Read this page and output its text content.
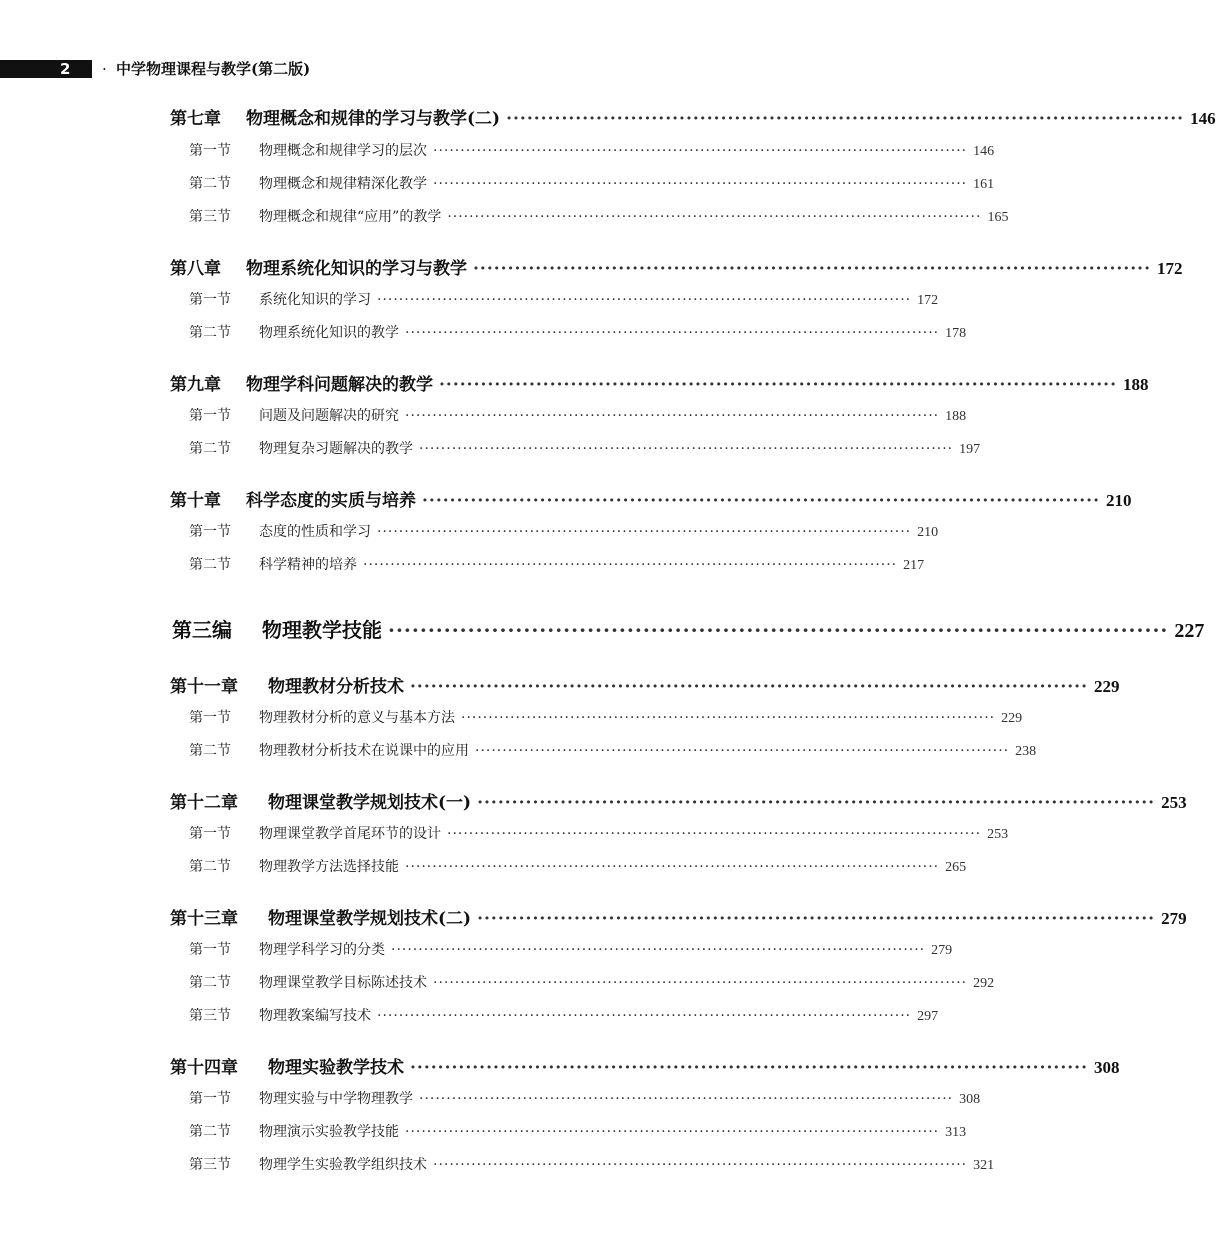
2 · 中学物理课程与教学(第二版)
第七章	物理概念和规律的学习与教学(二) ·································································································· 146
第一节	物理概念和规律学习的层次 ·································································································· 146
第二节	物理概念和规律精深化教学 ·································································································· 161
第三节	物理概念和规律“应用”的教学 ·································································································· 165
第八章	物理系统化知识的学习与教学 ·································································································· 172
第一节	系统化知识的学习 ·································································································· 172
第二节	物理系统化知识的教学 ·································································································· 178
第九章	物理学科问题解决的教学 ·································································································· 188
第一节	问题及问题解决的研究 ·································································································· 188
第二节	物理复杂习题解决的教学 ·································································································· 197
第十章	科学态度的实质与培养 ·································································································· 210
第一节	态度的性质和学习 ·································································································· 210
第二节	科学精神的培养 ·································································································· 217
第三编	物理教学技能 ·································································································· 227
第十一章	物理教材分析技术 ·································································································· 229
第一节	物理教材分析的意义与基本方法 ·································································································· 229
第二节	物理教材分析技术在说课中的应用 ·································································································· 238
第十二章	物理课堂教学规划技术(一) ·································································································· 253
第一节	物理课堂教学首尾环节的设计 ·································································································· 253
第二节	物理教学方法选择技能 ·································································································· 265
第十三章	物理课堂教学规划技术(二) ·································································································· 279
第一节	物理学科学习的分类 ·································································································· 279
第二节	物理课堂教学目标陈述技术 ·································································································· 292
第三节	物理教案编写技术 ·································································································· 297
第十四章	物理实验教学技术 ·································································································· 308
第一节	物理实验与中学物理教学 ·································································································· 308
第二节	物理演示实验教学技能 ·································································································· 313
第三节	物理学生实验教学组织技术 ·································································································· 321
